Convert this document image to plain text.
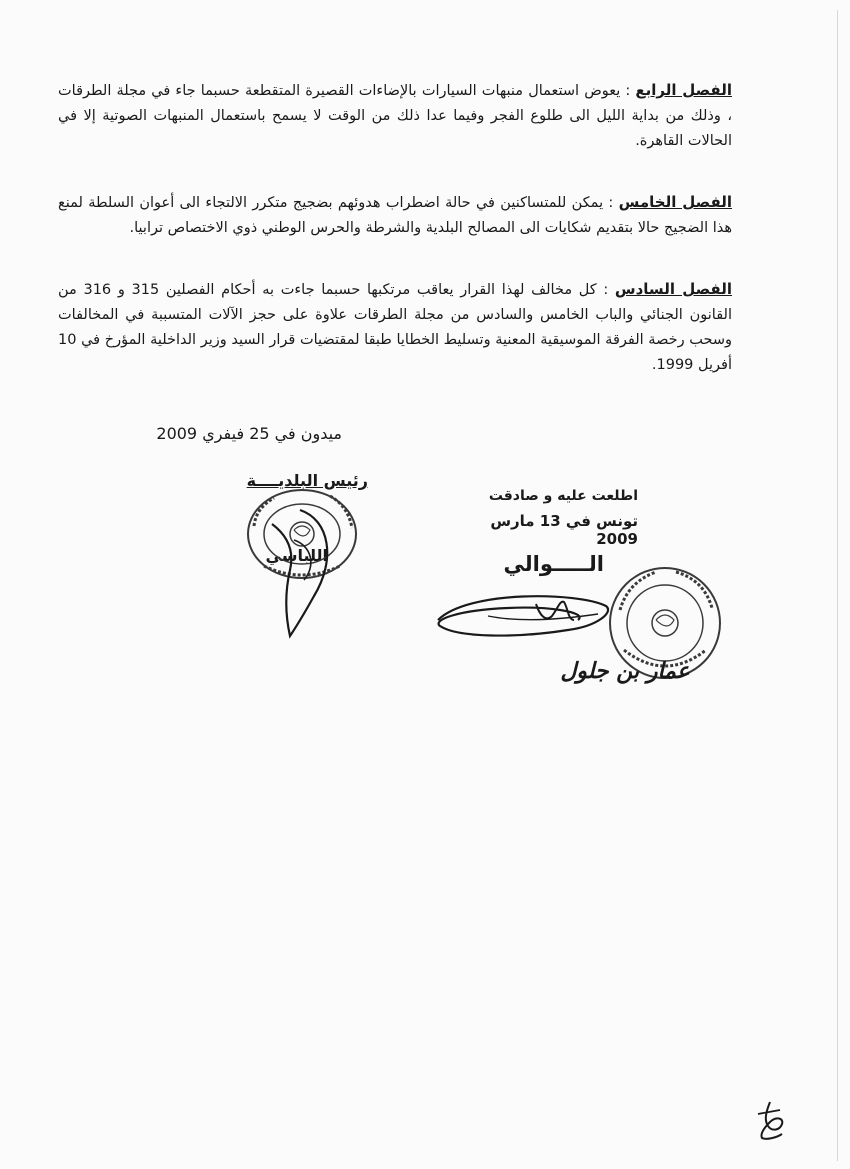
الفصل الرابع : يعوض استعمال منبهات السيارات بالإضاءات القصيرة المتقطعة حسبما جاء في مجلة الطرقات ، وذلك من بداية الليل الى طلوع الفجر وفيما عدا ذلك من الوقت لا يسمح باستعمال المنبهات الصوتية إلا في الحالات القاهرة.

الفصل الخامس : يمكن للمتساكنين في حالة اضطراب هدوئهم بضجيج متكرر الالتجاء الى أعوان السلطة لمنع هذا الضجيج حالا بتقديم شكايات الى المصالح البلدية والشرطة والحرس الوطني ذوي الاختصاص ترابيا.

الفصل السادس : كل مخالف لهذا القرار يعاقب مرتكبها حسبما جاءت به أحكام الفصلين 315 و 316 من القانون الجنائي والباب الخامس والسادس من مجلة الطرقات علاوة على حجز الآلات المتسببة في المخالفات وسحب رخصة الفرقة الموسيقية المعنية وتسليط الخطايا طبقا لمقتضيات قرار السيد وزير الداخلية المؤرخ في 10 أفريل 1999.

ميدون في 25 فيفري 2009
رئيس البلديــــة
اللباسي
اطلعت عليه و صادقت
تونس في 13 مارس 2009
الـــــوالي
عمار بن جلول
